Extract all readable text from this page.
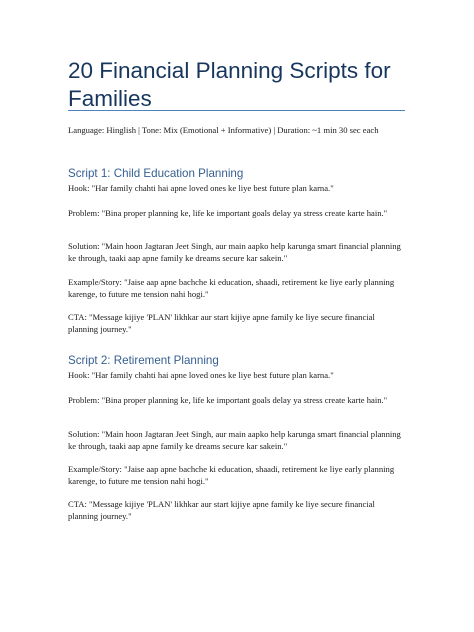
20 Financial Planning Scripts for Families

Language: Hinglish | Tone: Mix (Emotional + Informative) | Duration: ~1 min 30 sec each

Script 1: Child Education Planning

Hook: "Har family chahti hai apne loved ones ke liye best future plan karna."

Problem: "Bina proper planning ke, life ke important goals delay ya stress create karte hain."

Solution: "Main hoon Jagtaran Jeet Singh, aur main aapko help karunga smart financial planning ke through, taaki aap apne family ke dreams secure kar sakein."

Example/Story: "Jaise aap apne bachche ki education, shaadi, retirement ke liye early planning karenge, to future me tension nahi hogi."

CTA: "Message kijiye 'PLAN' likhkar aur start kijiye apne family ke liye secure financial planning journey."

Script 2: Retirement Planning

Hook: "Har family chahti hai apne loved ones ke liye best future plan karna."

Problem: "Bina proper planning ke, life ke important goals delay ya stress create karte hain."

Solution: "Main hoon Jagtaran Jeet Singh, aur main aapko help karunga smart financial planning ke through, taaki aap apne family ke dreams secure kar sakein."

Example/Story: "Jaise aap apne bachche ki education, shaadi, retirement ke liye early planning karenge, to future me tension nahi hogi."

CTA: "Message kijiye 'PLAN' likhkar aur start kijiye apne family ke liye secure financial planning journey."
